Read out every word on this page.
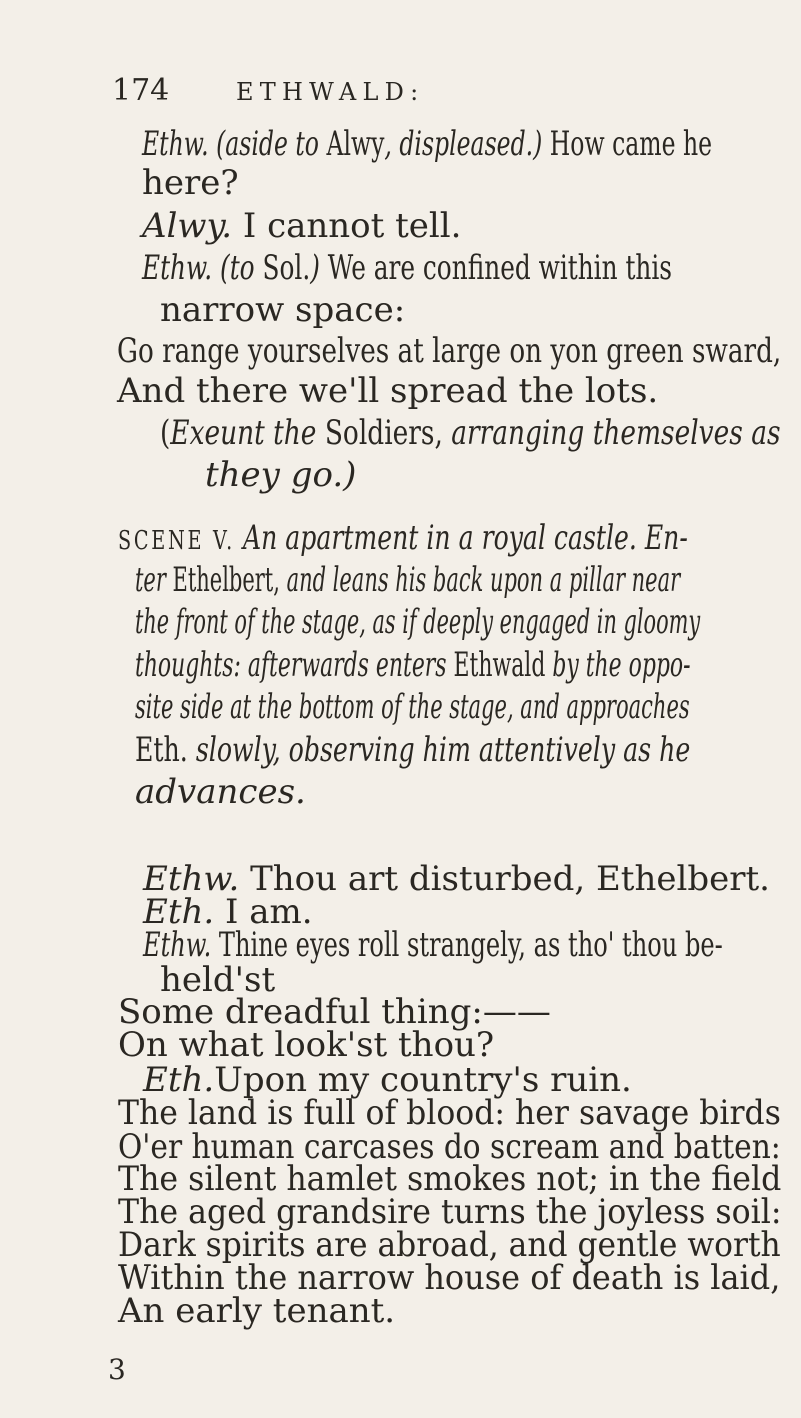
174	ETHWALD:
Ethw. (aside to Alwy, displeased.) How came he
here?
Alwy. I cannot tell.
Ethw. (to Sol.) We are confined within this
narrow space:
Go range yourselves at large on yon green sward,
And there we'll spread the lots.
(Exeunt the Soldiers, arranging themselves as
they go.)
SCENE V. An apartment in a royal castle. En-
ter Ethelbert, and leans his back upon a pillar near
the front of the stage, as if deeply engaged in gloomy
thoughts: afterwards enters Ethwald by the oppo-
site side at the bottom of the stage, and approaches
Eth. slowly, observing him attentively as he
advances.
Ethw. Thou art disturbed, Ethelbert.
Eth. I am.
Ethw. Thine eyes roll strangely, as tho' thou be-
held'st
Some dreadful thing:——
On what look'st thou?
Eth.Upon my country's ruin.
The land is full of blood: her savage birds
O'er human carcases do scream and batten:
The silent hamlet smokes not; in the field
The aged grandsire turns the joyless soil:
Dark spirits are abroad, and gentle worth
Within the narrow house of death is laid,
An early tenant.
3
